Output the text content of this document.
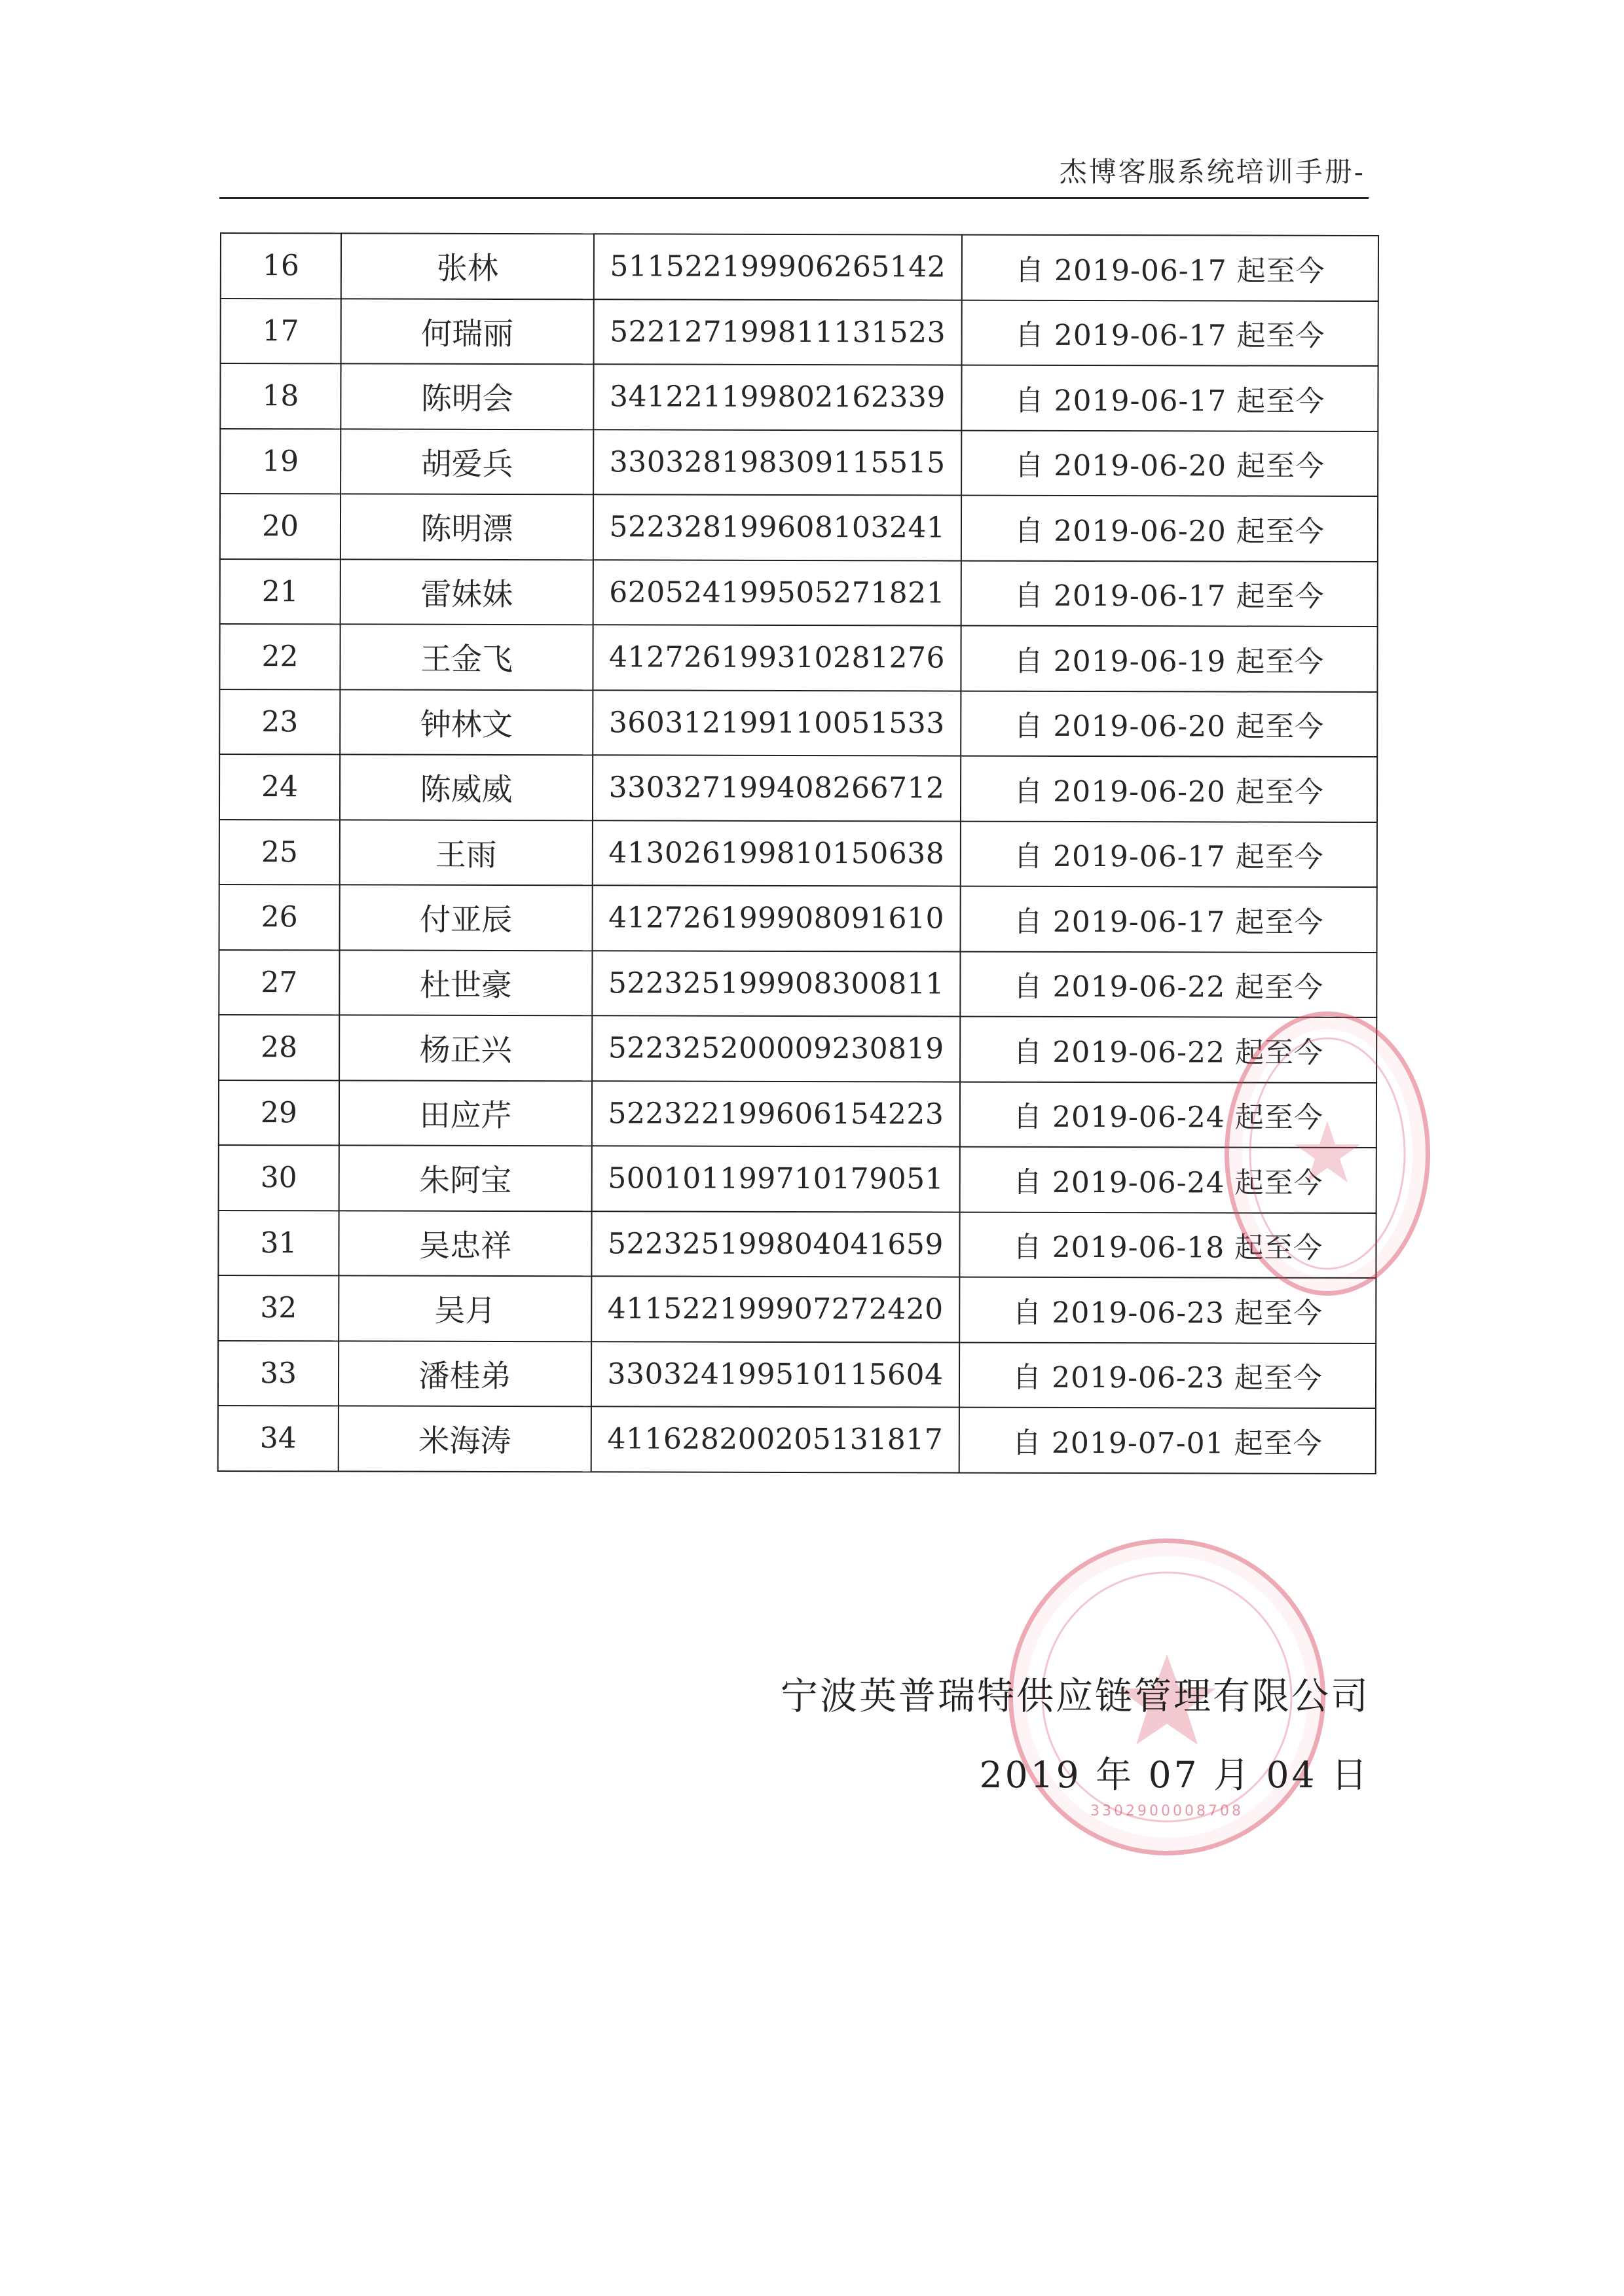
杰博客服系统培训手册-
16	张林	511522199906265142	自 2019-06-17 起至今
17	何瑞丽	522127199811131523	自 2019-06-17 起至今
18	陈明会	341221199802162339	自 2019-06-17 起至今
19	胡爱兵	330328198309115515	自 2019-06-20 起至今
20	陈明漂	522328199608103241	自 2019-06-20 起至今
21	雷妹妹	620524199505271821	自 2019-06-17 起至今
22	王金飞	412726199310281276	自 2019-06-19 起至今
23	钟林文	360312199110051533	自 2019-06-20 起至今
24	陈威威	330327199408266712	自 2019-06-20 起至今
25	王雨	413026199810150638	自 2019-06-17 起至今
26	付亚辰	412726199908091610	自 2019-06-17 起至今
27	杜世豪	522325199908300811	自 2019-06-22 起至今
28	杨正兴	522325200009230819	自 2019-06-22 起至今
29	田应芹	522322199606154223	自 2019-06-24 起至今
30	朱阿宝	500101199710179051	自 2019-06-24 起至今
31	吴忠祥	522325199804041659	自 2019-06-18 起至今
32	吴月	411522199907272420	自 2019-06-23 起至今
33	潘桂弟	330324199510115604	自 2019-06-23 起至今
34	米海涛	411628200205131817	自 2019-07-01 起至今
3302900008708
宁波英普瑞特供应链管理有限公司
2019 年 07 月 04 日
